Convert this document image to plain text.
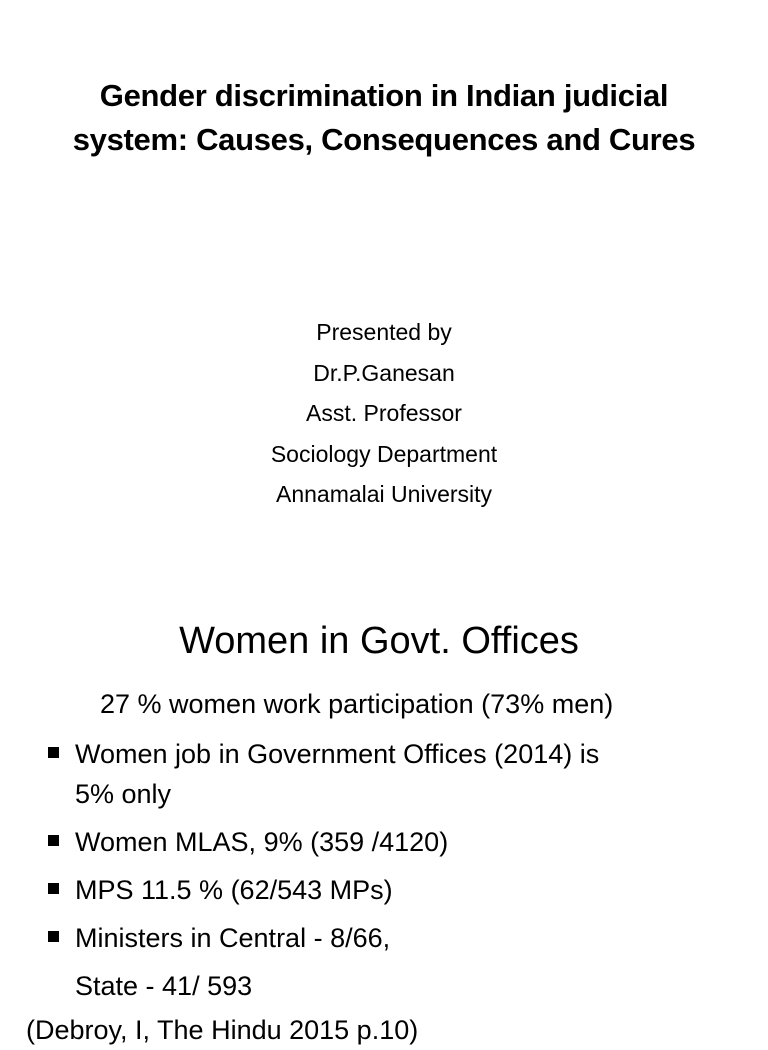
Gender discrimination in Indian judicial
system: Causes, Consequences and Cures
Presented by
Dr.P.Ganesan
Asst. Professor
Sociology Department
Annamalai University
Women in Govt. Offices
27 % women work participation (73% men)
Women job in Government Offices (2014) is
5% only
Women MLAS, 9% (359 /4120)
MPS 11.5 % (62/543 MPs)
Ministers in Central - 8/66,
State - 41/ 593
(Debroy, I, The Hindu 2015 p.10)
